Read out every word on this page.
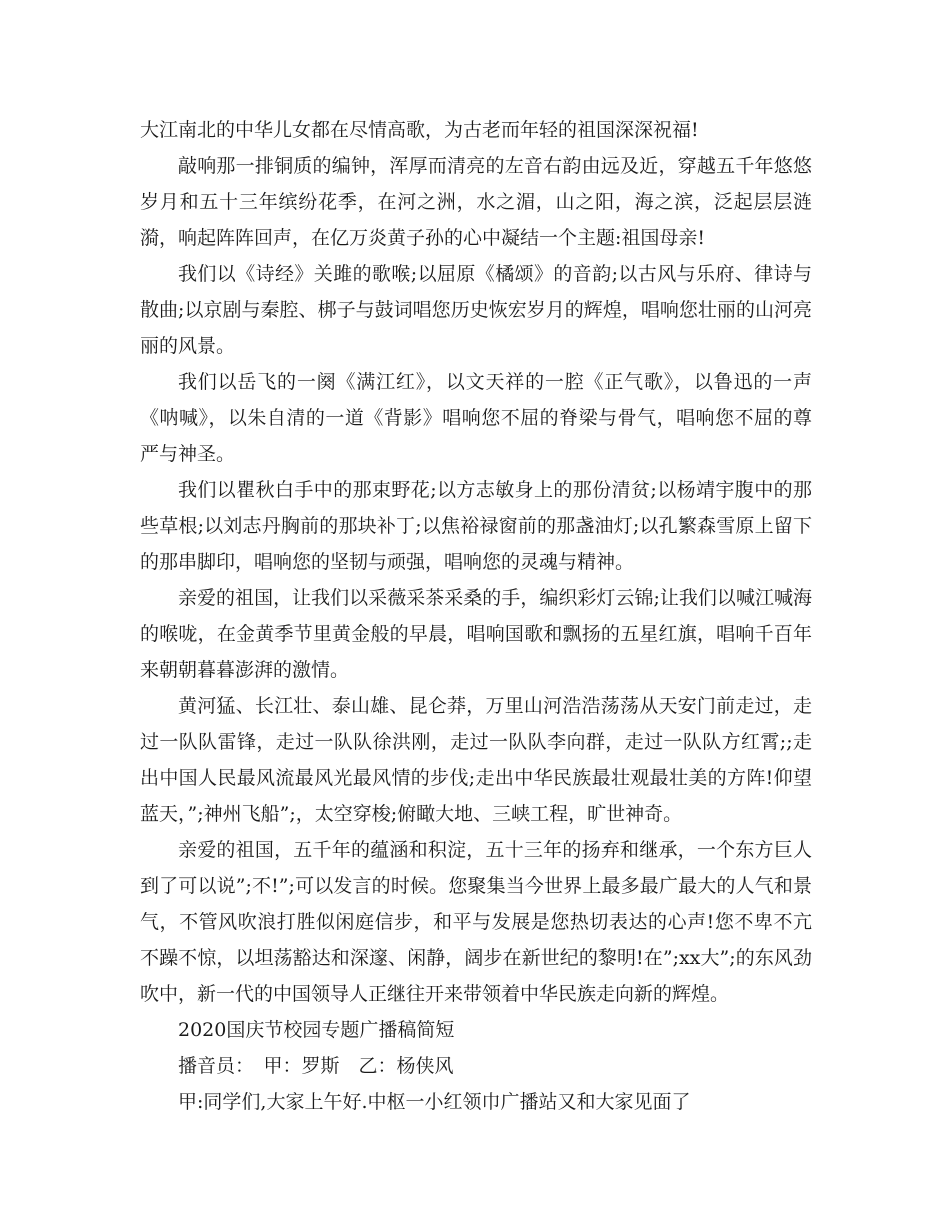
大江南北的中华儿女都在尽情高歌，为古老而年轻的祖国深深祝福!

敲响那一排铜质的编钟，浑厚而清亮的左音右韵由远及近，穿越五千年悠悠岁月和五十三年缤纷花季，在河之洲，水之湄，山之阳，海之滨，泛起层层涟漪，响起阵阵回声，在亿万炎黄子孙的心中凝结一个主题:祖国母亲!

我们以《诗经》关雎的歌喉;以屈原《橘颂》的音韵;以古风与乐府、律诗与散曲;以京剧与秦腔、梆子与鼓词唱您历史恢宏岁月的辉煌，唱响您壮丽的山河亮丽的风景。

我们以岳飞的一阕《满江红》，以文天祥的一腔《正气歌》，以鲁迅的一声《呐喊》，以朱自清的一道《背影》唱响您不屈的脊梁与骨气，唱响您不屈的尊严与神圣。

我们以瞿秋白手中的那束野花;以方志敏身上的那份清贫;以杨靖宇腹中的那些草根;以刘志丹胸前的那块补丁;以焦裕禄窗前的那盏油灯;以孔繁森雪原上留下的那串脚印，唱响您的坚韧与顽强，唱响您的灵魂与精神。

亲爱的祖国，让我们以采薇采茶采桑的手，编织彩灯云锦;让我们以喊江喊海的喉咙，在金黄季节里黄金般的早晨，唱响国歌和飘扬的五星红旗，唱响千百年来朝朝暮暮澎湃的激情。

黄河猛、长江壮、泰山雄、昆仑莽，万里山河浩浩荡荡从天安门前走过，走过一队队雷锋，走过一队队徐洪刚，走过一队队李向群，走过一队队方红霄;;走出中国人民最风流最风光最风情的步伐;走出中华民族最壮观最壮美的方阵!仰望蓝天，”;神州飞船”;，太空穿梭;俯瞰大地、三峡工程，旷世神奇。

亲爱的祖国，五千年的蕴涵和积淀，五十三年的扬弃和继承，一个东方巨人到了可以说”;不!”;可以发言的时候。您聚集当今世界上最多最广最大的人气和景气，不管风吹浪打胜似闲庭信步，和平与发展是您热切表达的心声!您不卑不亢不躁不惊，以坦荡豁达和深邃、闲静，阔步在新世纪的黎明!在”;xx大”;的东风劲吹中，新一代的中国领导人正继往开来带领着中华民族走向新的辉煌。

2020国庆节校园专题广播稿简短

播音员：　甲：罗斯　乙：杨侠风

甲:同学们,大家上午好.中枢一小红领巾广播站又和大家见面了
